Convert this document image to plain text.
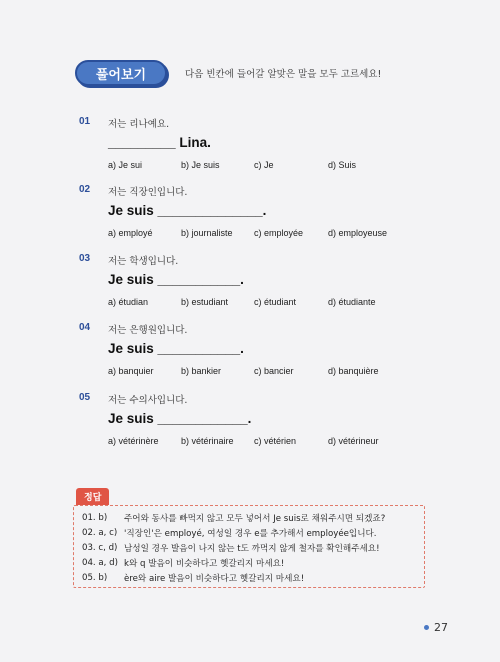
풀어보기	다음 빈칸에 들어갈 알맞은 말을 모두 고르세요!
01 저는 리나예요.
_________ Lina.
a) Je sui	b) Je suis	c) Je	d) Suis
02 저는 직장인입니다.
Je suis ______________.
a) employé	b) journaliste c) employée	d) employeuse
03 저는 학생입니다.
Je suis ___________.
a) étudian	b) estudiant	c) étudiant	d) étudiante
04 저는 은행원입니다.
Je suis ___________.
a) banquier	b) bankier	c) bancier	d) banquière
05 저는 수의사입니다.
Je suis ____________.
a) vétérinère b) vétérinaire c) vétérien	d) vétérineur
정답
01. b)	주어와 동사를 빠먹지 않고 모두 넣어서 Je suis로 채워주시면 되겠죠?
02. a, c) '직장인'은 employé, 여성일 경우 e를 추가해서 employée입니다.
03. c, d) 남성일 경우 발음이 나지 않는 t도 까먹지 않게 철자를 확인해주세요!
04. a, d) k와 q 발음이 비슷하다고 헷갈리지 마세요!
05. b)	ère와 aire 발음이 비슷하다고 헷갈리지 마세요!
27
